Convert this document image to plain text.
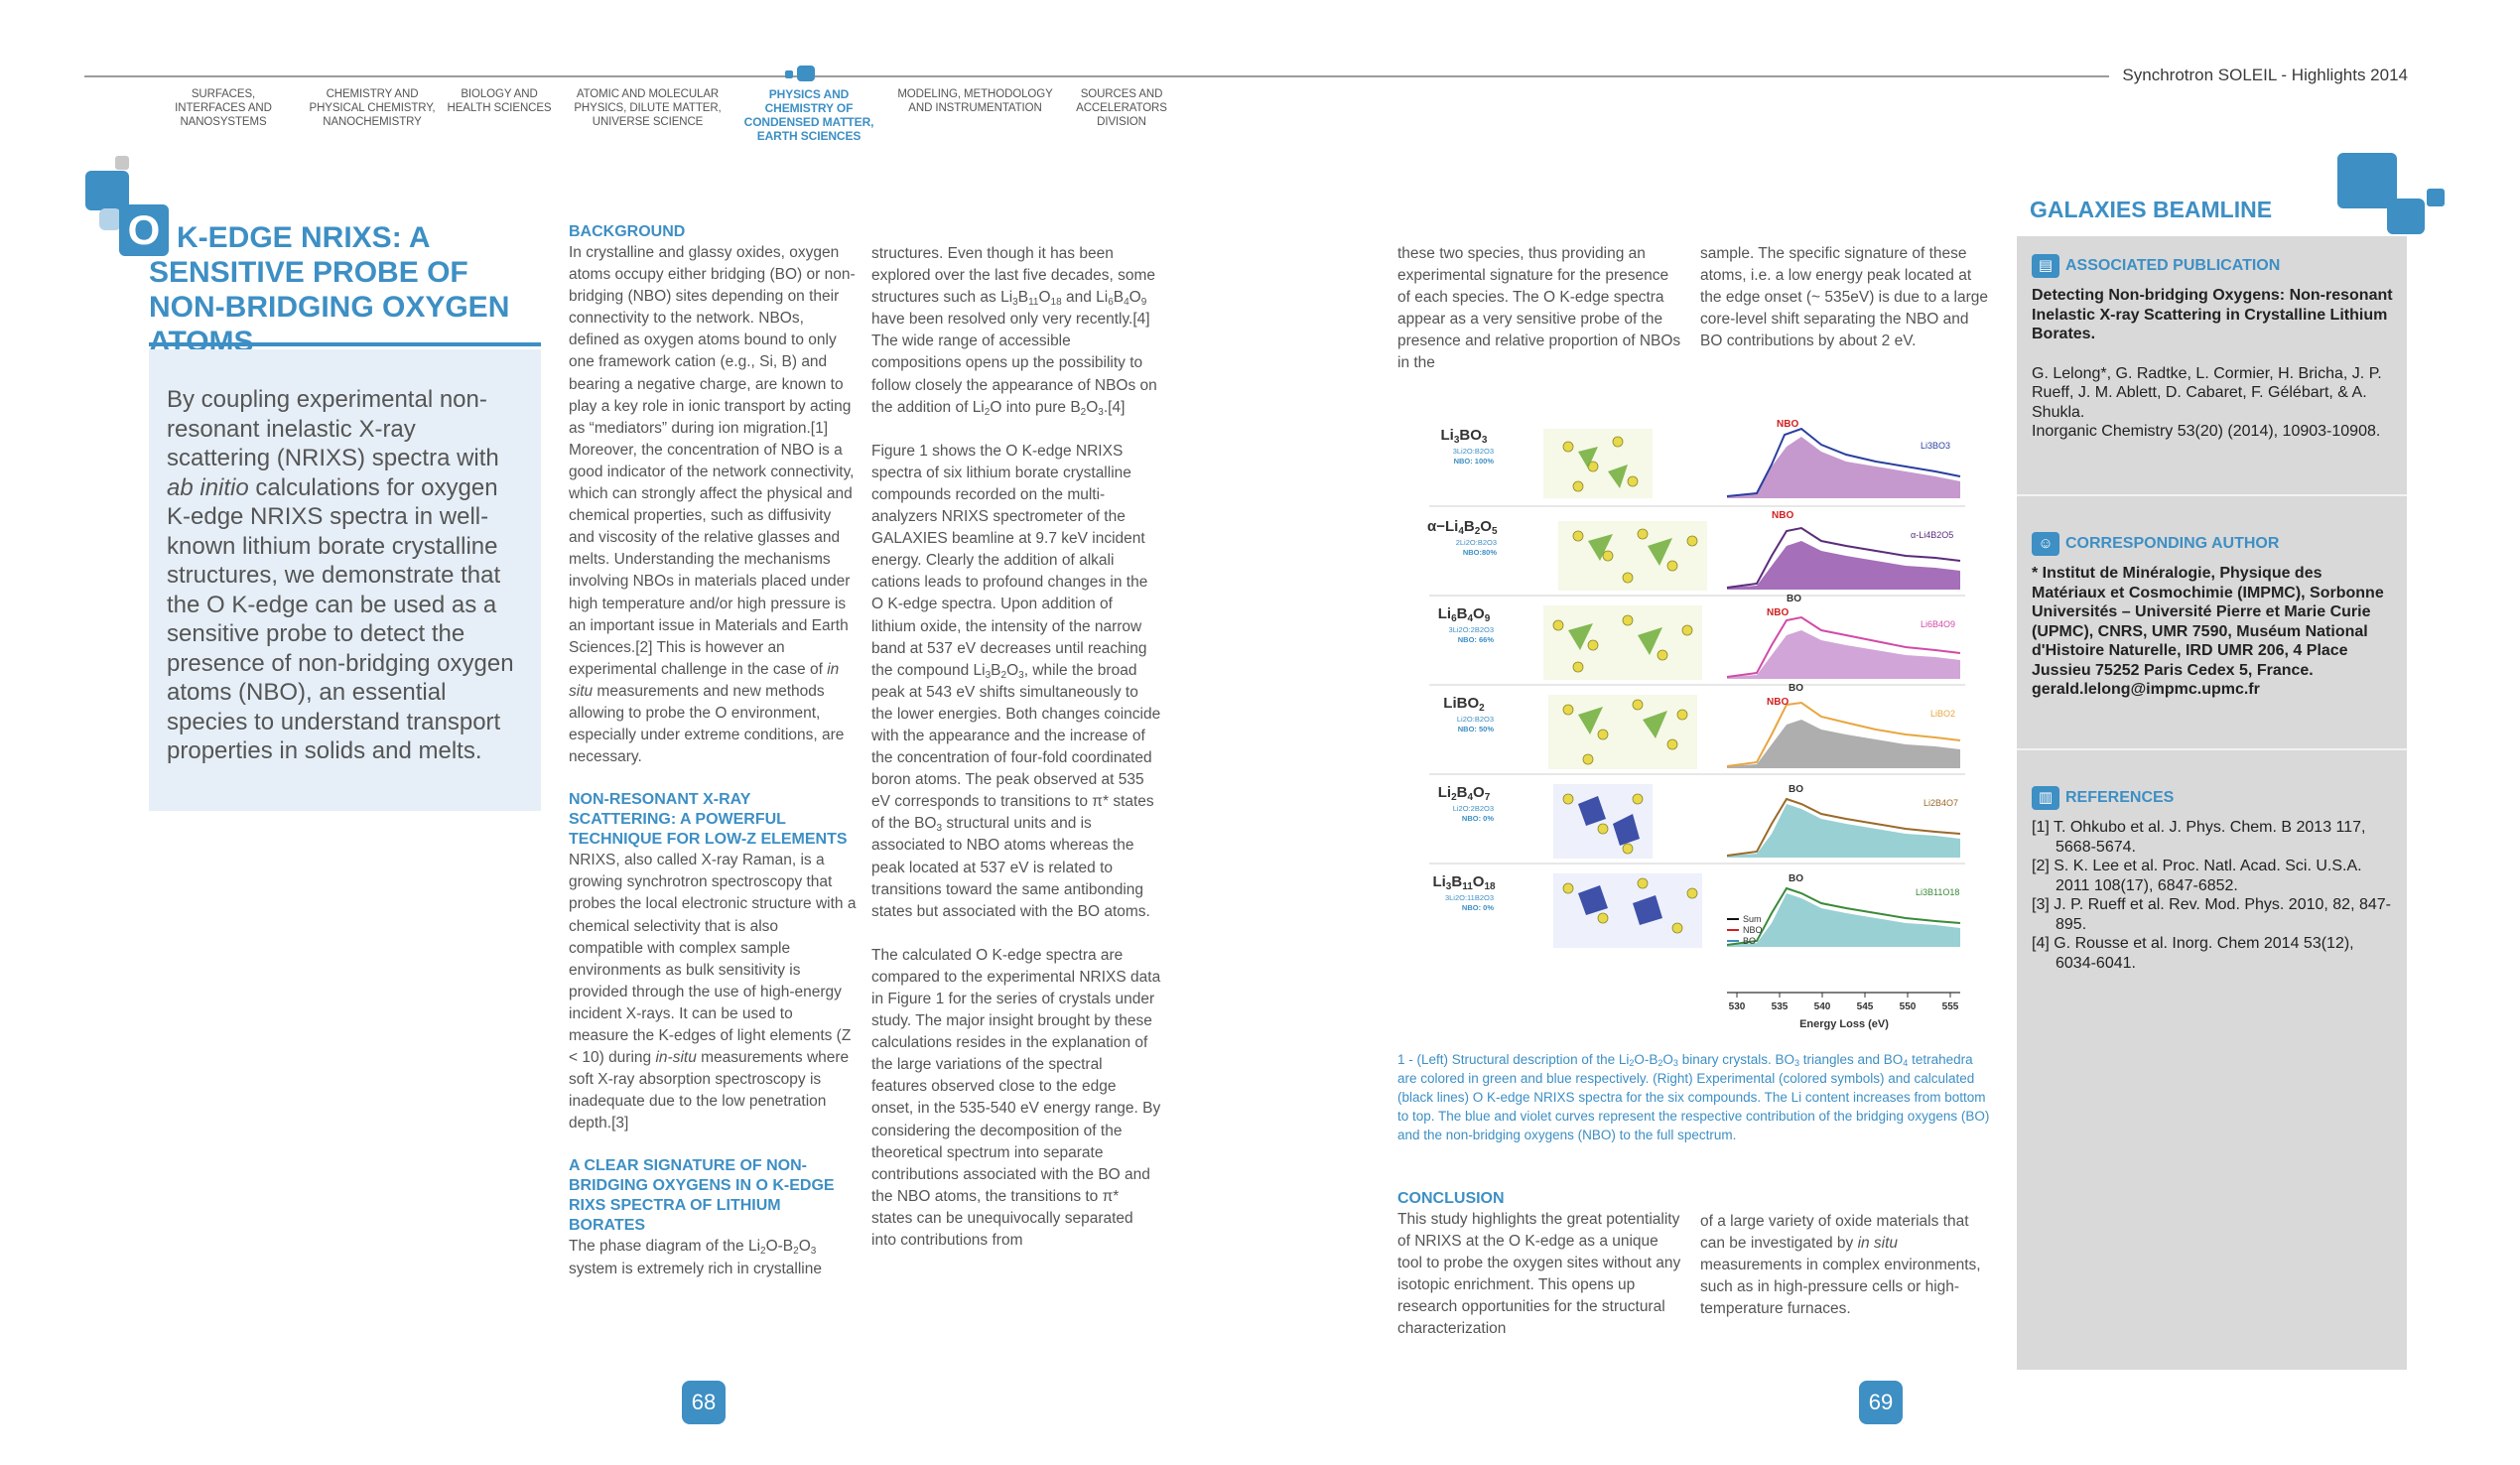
Synchrotron SOLEIL - Highlights 2014
SURFACES, INTERFACES AND NANOSYSTEMS
CHEMISTRY AND PHYSICAL CHEMISTRY, NANOCHEMISTRY
BIOLOGY AND HEALTH SCIENCES
ATOMIC AND MOLECULAR PHYSICS, DILUTE MATTER, UNIVERSE SCIENCE
PHYSICS AND CHEMISTRY OF CONDENSED MATTER, EARTH SCIENCES
MODELING, METHODOLOGY AND INSTRUMENTATION
SOURCES AND ACCELERATORS DIVISION
O K-EDGE NRIXS: A SENSITIVE PROBE OF NON-BRIDGING OXYGEN

By coupling experimental non-resonant inelastic X-ray scattering (NRIXS) spectra with ab initio calculations for oxygen K-edge NRIXS spectra in well-known lithium borate crystalline structures, we demonstrate that the O K-edge can be used as a sensitive probe to detect the presence of non-bridging oxygen atoms (NBO), an essential species to understand transport properties in solids and melts.

BACKGROUND

In crystalline and glassy oxides, oxygen atoms occupy either bridging (BO) or non-bridging (NBO) sites depending on their connectivity to the network. NBOs, defined as oxygen atoms bound to only one framework cation (e.g., Si, B) and bearing a negative charge, are known to play a key role in ionic transport by acting as “mediators” during ion migration.[1] Moreover, the concentration of NBO is a good indicator of the network connectivity, which can strongly affect the physical and chemical properties, such as diffusivity and viscosity of the relative glasses and melts. Understanding the mechanisms involving NBOs in materials placed under high temperature and/or high pressure is an important issue in Materials and Earth Sciences.[2] This is however an experimental challenge in the case of in situ measurements and new methods allowing to probe the O environment, especially under extreme conditions, are necessary.

NON-RESONANT X-RAY SCATTERING: A POWERFUL TECHNIQUE FOR LOW-Z ELEMENTS

NRIXS, also called X-ray Raman, is a growing synchrotron spectroscopy that probes the local electronic structure with a chemical selectivity that is also compatible with complex sample environments as bulk sensitivity is provided through the use of high-energy incident X-rays. It can be used to measure the K-edges of light elements (Z < 10) during in-situ measurements where soft X-ray absorption spectroscopy is inadequate due to the low penetration depth.[3]

A CLEAR SIGNATURE OF NON-BRIDGING OXYGENS IN O K-EDGE RIXS SPECTRA OF LITHIUM BORATES

The phase diagram of the $Li_2O-B_2O_3$ system is extremely rich in crystalline

structures. Even though it has been explored over the last five decades, some structures such as $Li_3B_{11}O_{18}$ and $Li_6B_4O_9$ have been resolved only very recently.[4] The wide range of accessible compositions opens up the possibility to follow closely the appearance of NBOs on the addition of $Li_2O$ into pure $B_2O_3.[4]$

Figure 1 shows the O K-edge NRIXS spectra of six lithium borate crystalline compounds recorded on the multi-analyzers NRIXS spectrometer of the GALAXIES beamline at 9.7 keV incident energy. Clearly the addition of alkali cations leads to profound changes in the O K-edge spectra. Upon addition of lithium oxide, the intensity of the narrow band at 537 eV decreases until reaching the compound $Li_3B_2O_3$, while the broad peak at 543 eV shifts simultaneously to the lower energies. Both changes coincide with the appearance and the increase of the concentration of four-fold coordinated boron atoms. The peak observed at 535 eV corresponds to transitions to π* states of the $BO_3$ structural units and is associated to NBO atoms whereas the peak located at 537 eV is related to transitions toward the same antibonding states but associated with the BO atoms.

The calculated O K-edge spectra are compared to the experimental NRIXS data in Figure 1 for the series of crystals under study. The major insight brought by these calculations resides in the explanation of the large variations of the spectral features observed close to the edge onset, in the 535-540 eV energy range. By considering the decomposition of the theoretical spectrum into separate contributions associated with the BO and the NBO atoms, the transitions to π* states can be unequivocally separated into contributions from

these two species, thus providing an experimental signature for the presence of each species. The O K-edge spectra appear as a very sensitive probe of the presence and relative proportion of NBOs in the

sample. The specific signature of these atoms, i.e. a low energy peak located at the edge onset (~ 535eV) is due to a large core-level shift separating the NBO and BO contributions by about 2 eV.

530	535	540	545	550	555
Energy Loss (eV)
NBO
NBO
BO
NBO
BO
NBO
BO
BO
Li3BO3
α-Li4B2O5
Li6B4O9
LiBO2
Li2B4O7
Li3B11O18
Sum
NBO
BO
$Li_3BO_3$
3Li2O:B2O3
NBO: 100%
$\alpha-Li_4B_2O_5$
2Li2O:B2O3
NBO:80%
$Li_6B_4O_9$
3Li2O:2B2O3
NBO: 66%
LiBO$_2$
Li2O:B2O3
NBO: 50%
$Li_2B_4O_7$
Li2O:2B2O3
NBO: 0%
$Li_3B_{11}O_{18}$
3Li2O:11B2O3
NBO: 0%
1 - (Left) Structural description of the $Li_2O-B_2O_3$ binary crystals. $BO_3$ triangles and $BO_4$ tetrahedra are colored in green and blue respectively. (Right) Experimental (colored symbols) and calculated (black lines) O K-edge NRIXS spectra for the six compounds. The Li content increases from bottom to top. The blue and violet curves represent the respective contribution of the bridging oxygens (BO) and the non-bridging oxygens (NBO) to the full spectrum.
CONCLUSION

This study highlights the great potentiality of NRIXS at the O K-edge as a unique tool to probe the oxygen sites without any isotopic enrichment. This opens up research opportunities for the structural characterization

of a large variety of oxide materials that can be investigated by in situ measurements in complex environments, such as in high-pressure cells or high-temperature furnaces.

68	69
GALAXIES BEAMLINE
▤ ASSOCIATED PUBLICATION
Detecting Non-bridging Oxygens: Non-resonant Inelastic X-ray Scattering in Crystalline Lithium Borates.
G. Lelong*, G. Radtke, L. Cormier, H. Bricha, J. P. Rueff, J. M. Ablett, D. Cabaret, F. Gélébart, & A. Shukla.
Inorganic Chemistry 53(20) (2014), 10903-10908.
☺ CORRESPONDING AUTHOR
* Institut de Minéralogie, Physique des Matériaux et Cosmochimie (IMPMC), Sorbonne Universités – Université Pierre et Marie Curie (UPMC), CNRS, UMR 7590, Muséum National d'Histoire Naturelle, IRD UMR 206, 4 Place Jussieu 75252 Paris Cedex 5, France.
gerald.lelong@impmc.upmc.fr
▥ REFERENCES
[1] T. Ohkubo et al. J. Phys. Chem. B 2013 117, 5668-5674.
[2] S. K. Lee et al. Proc. Natl. Acad. Sci. U.S.A. 2011 108(17), 6847-6852.
[3] J. P. Rueff et al. Rev. Mod. Phys. 2010, 82, 847-895.
[4] G. Rousse et al. Inorg. Chem 2014 53(12), 6034-6041.
